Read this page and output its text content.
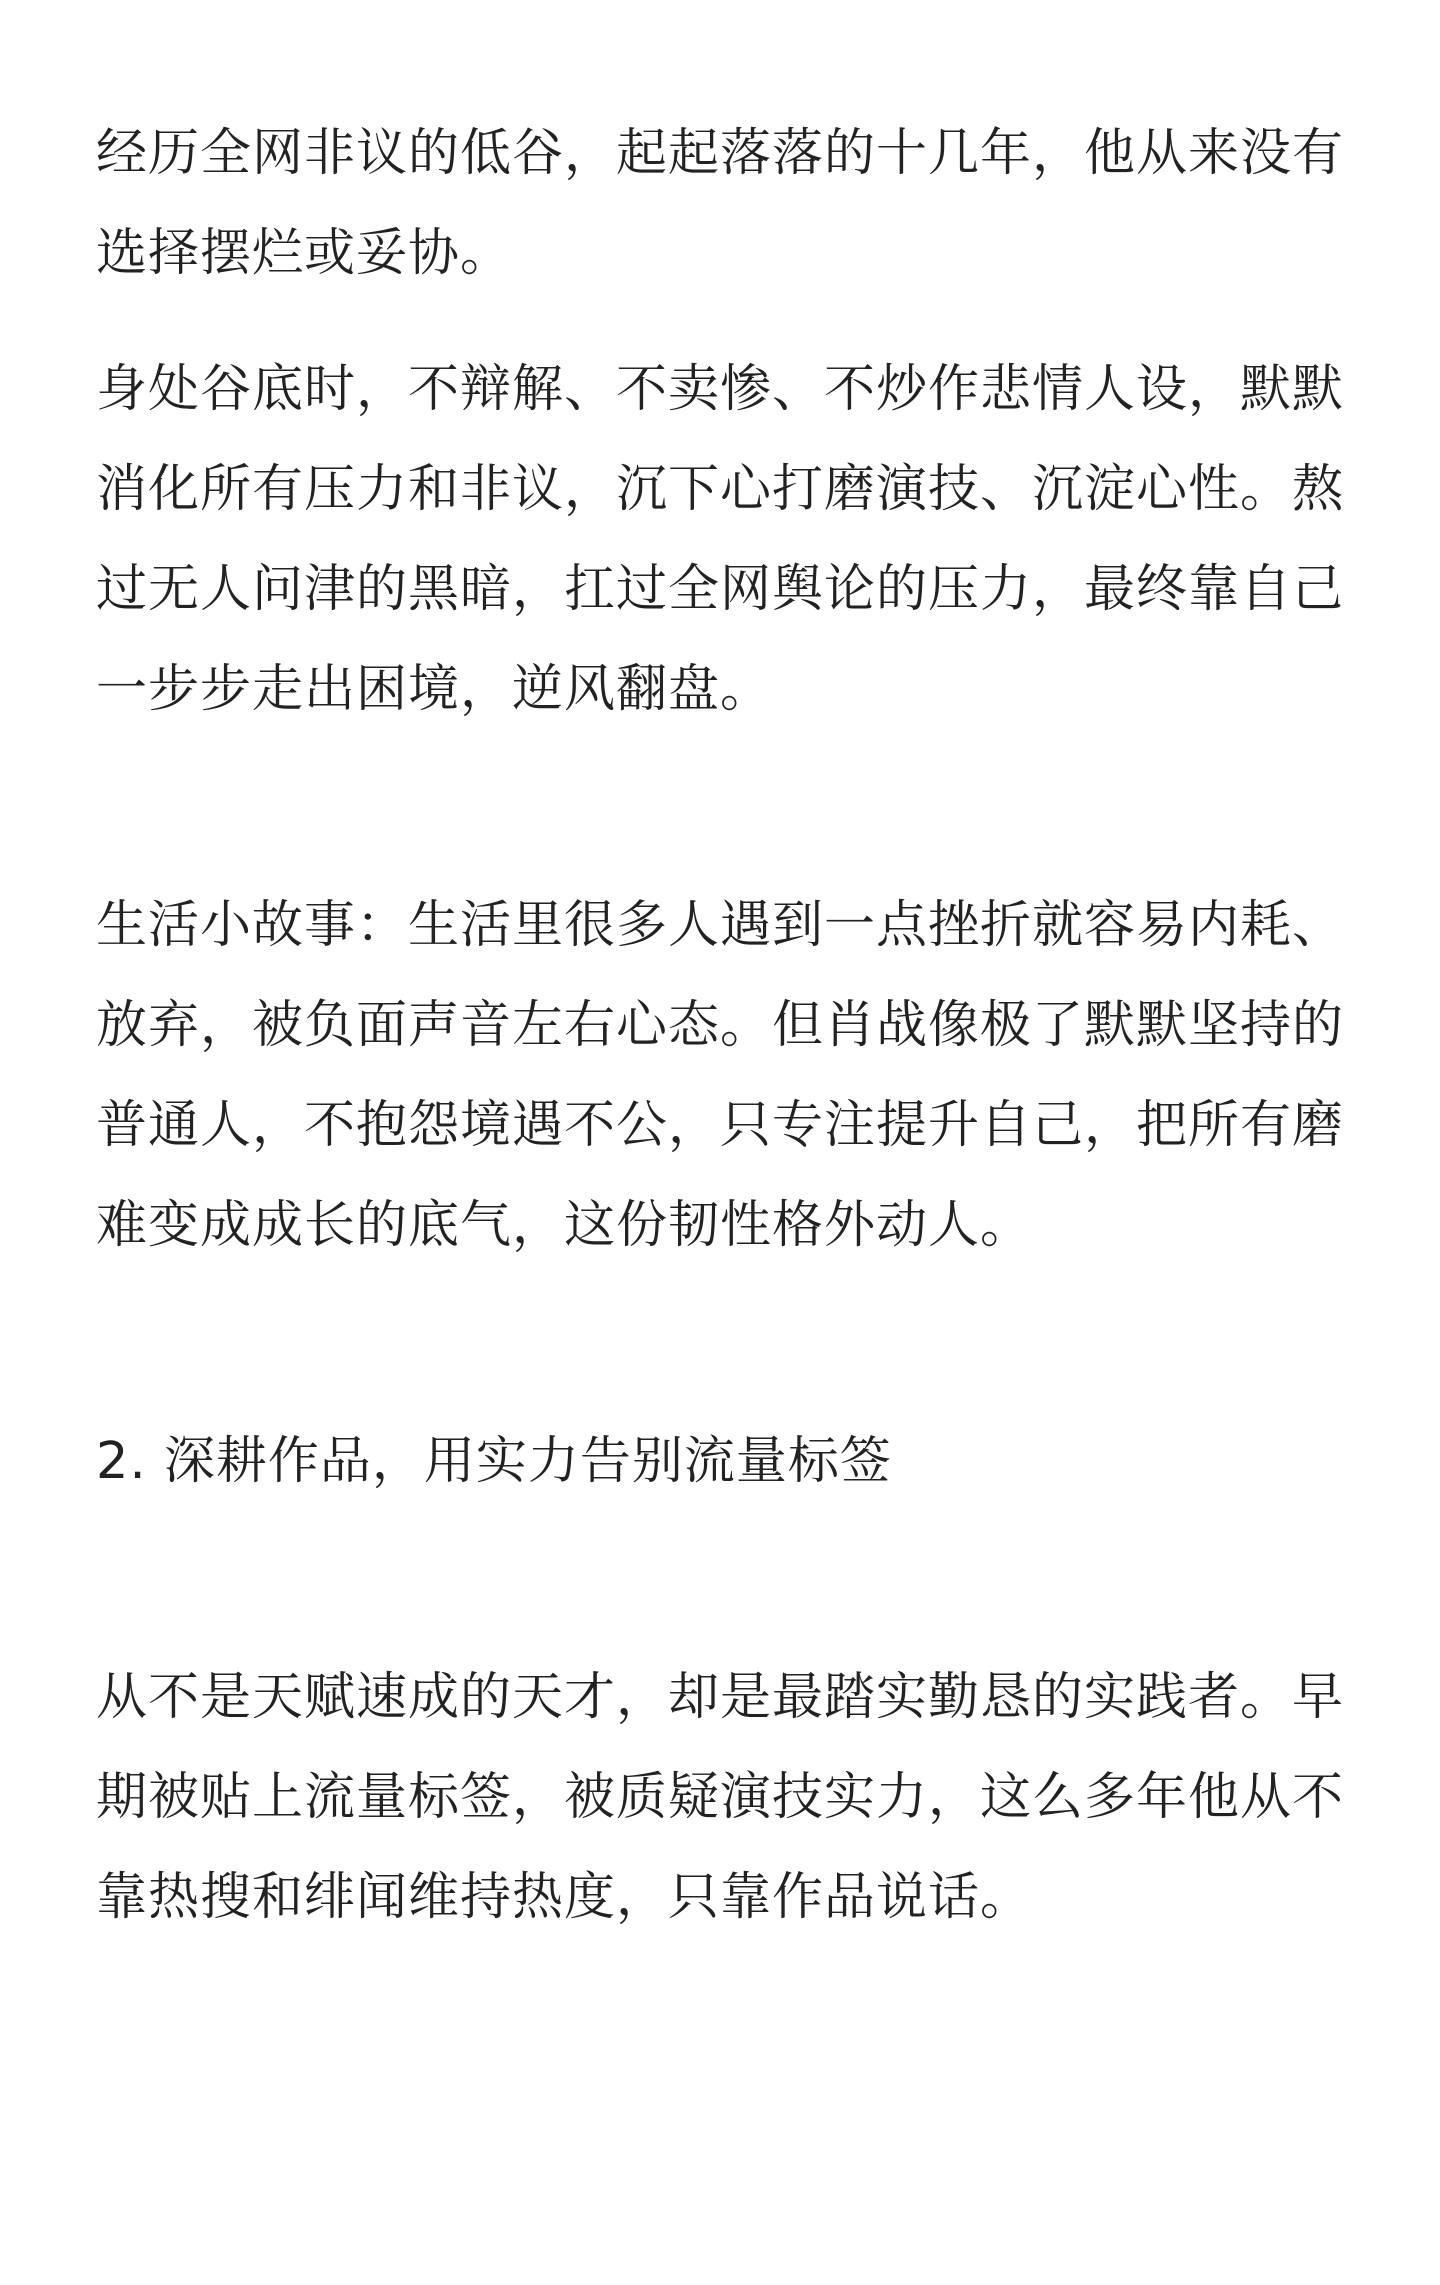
经历全网非议的低谷，起起落落的十几年，他从来没有选择摆烂或妥协。

身处谷底时，不辩解、不卖惨、不炒作悲情人设，默默消化所有压力和非议，沉下心打磨演技、沉淀心性。熬过无人问津的黑暗，扛过全网舆论的压力，最终靠自己一步步走出困境，逆风翻盘。

生活小故事：生活里很多人遇到一点挫折就容易内耗、放弃，被负面声音左右心态。但肖战像极了默默坚持的普通人，不抱怨境遇不公，只专注提升自己，把所有磨难变成成长的底气，这份韧性格外动人。

2. 深耕作品，用实力告别流量标签

从不是天赋速成的天才，却是最踏实勤恳的实践者。早期被贴上流量标签，被质疑演技实力，这么多年他从不靠热搜和绯闻维持热度，只靠作品说话。
